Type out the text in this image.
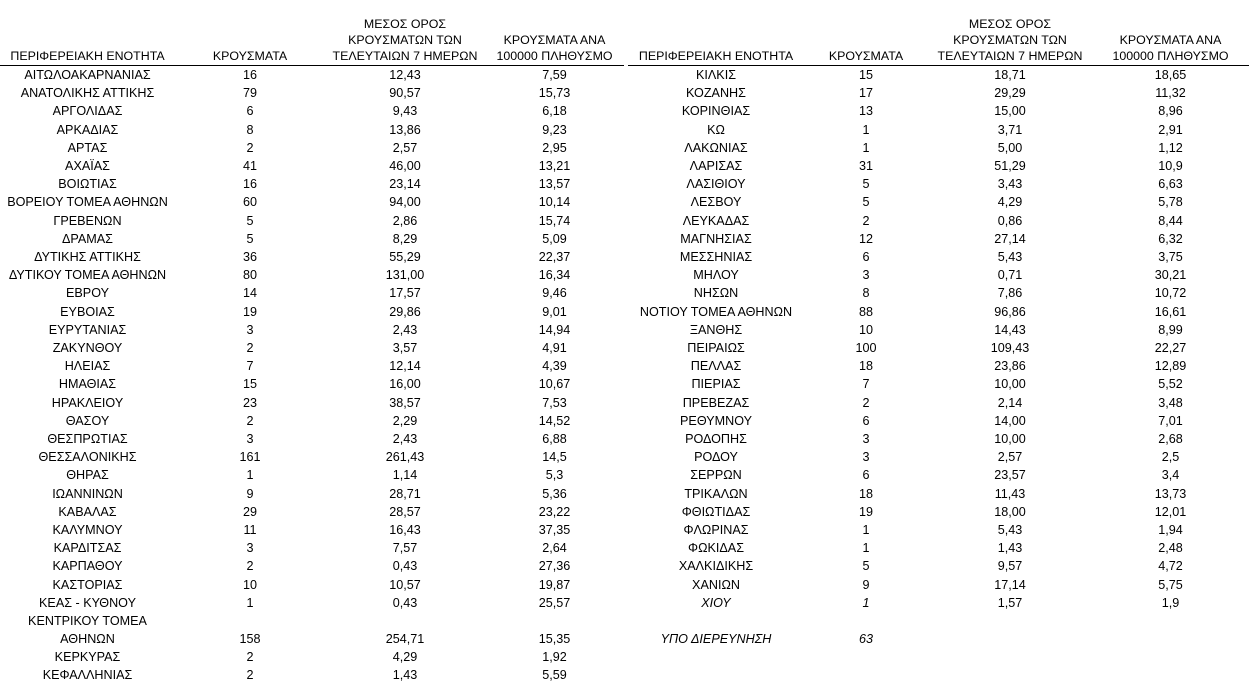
ΠΕΡΙΦΕΡΕΙΑΚΗ ΕΝΟΤΗΤΑ	ΚΡΟΥΣΜΑΤΑ	ΜΕΣΟΣ ΟΡΟΣ
ΚΡΟΥΣΜΑΤΩΝ ΤΩΝ
ΤΕΛΕΥΤΑΙΩΝ 7 ΗΜΕΡΩΝ	ΚΡΟΥΣΜΑΤΑ ΑΝΑ
100000 ΠΛΗΘΥΣΜΟ

ΑΙΤΩΛΟΑΚΑΡΝΑΝΙΑΣ	16	12,43	7,59
ΑΝΑΤΟΛΙΚΗΣ ΑΤΤΙΚΗΣ	79	90,57	15,73
ΑΡΓΟΛΙΔΑΣ	6	9,43	6,18
ΑΡΚΑΔΙΑΣ	8	13,86	9,23
ΑΡΤΑΣ	2	2,57	2,95
ΑΧΑΪΑΣ	41	46,00	13,21
ΒΟΙΩΤΙΑΣ	16	23,14	13,57
ΒΟΡΕΙΟΥ ΤΟΜΕΑ ΑΘΗΝΩΝ	60	94,00	10,14
ΓΡΕΒΕΝΩΝ	5	2,86	15,74
ΔΡΑΜΑΣ	5	8,29	5,09
ΔΥΤΙΚΗΣ ΑΤΤΙΚΗΣ	36	55,29	22,37
ΔΥΤΙΚΟΥ ΤΟΜΕΑ ΑΘΗΝΩΝ	80	131,00	16,34
ΕΒΡΟΥ	14	17,57	9,46
ΕΥΒΟΙΑΣ	19	29,86	9,01
ΕΥΡΥΤΑΝΙΑΣ	3	2,43	14,94
ΖΑΚΥΝΘΟΥ	2	3,57	4,91
ΗΛΕΙΑΣ	7	12,14	4,39
ΗΜΑΘΙΑΣ	15	16,00	10,67
ΗΡΑΚΛΕΙΟΥ	23	38,57	7,53
ΘΑΣΟΥ	2	2,29	14,52
ΘΕΣΠΡΩΤΙΑΣ	3	2,43	6,88
ΘΕΣΣΑΛΟΝΙΚΗΣ	161	261,43	14,5
ΘΗΡΑΣ	1	1,14	5,3
ΙΩΑΝΝΙΝΩΝ	9	28,71	5,36
ΚΑΒΑΛΑΣ	29	28,57	23,22
ΚΑΛΥΜΝΟΥ	11	16,43	37,35
ΚΑΡΔΙΤΣΑΣ	3	7,57	2,64
ΚΑΡΠΑΘΟΥ	2	0,43	27,36
ΚΑΣΤΟΡΙΑΣ	10	10,57	19,87
ΚΕΑΣ - ΚΥΘΝΟΥ	1	0,43	25,57

ΚΕΝΤΡΙΚΟΥ ΤΟΜΕΑ
ΑΘΗΝΩΝ	158	254,71	15,35
ΚΕΡΚΥΡΑΣ	2	4,29	1,92
ΚΕΦΑΛΛΗΝΙΑΣ	2	1,43	5,59
ΠΕΡΙΦΕΡΕΙΑΚΗ ΕΝΟΤΗΤΑ	ΚΡΟΥΣΜΑΤΑ	ΜΕΣΟΣ ΟΡΟΣ
ΚΡΟΥΣΜΑΤΩΝ ΤΩΝ
ΤΕΛΕΥΤΑΙΩΝ 7 ΗΜΕΡΩΝ	ΚΡΟΥΣΜΑΤΑ ΑΝΑ
100000 ΠΛΗΘΥΣΜΟ

ΚΙΛΚΙΣ	15	18,71	18,65
ΚΟΖΑΝΗΣ	17	29,29	11,32
ΚΟΡΙΝΘΙΑΣ	13	15,00	8,96
ΚΩ	1	3,71	2,91
ΛΑΚΩΝΙΑΣ	1	5,00	1,12
ΛΑΡΙΣΑΣ	31	51,29	10,9
ΛΑΣΙΘΙΟΥ	5	3,43	6,63
ΛΕΣΒΟΥ	5	4,29	5,78
ΛΕΥΚΑΔΑΣ	2	0,86	8,44
ΜΑΓΝΗΣΙΑΣ	12	27,14	6,32
ΜΕΣΣΗΝΙΑΣ	6	5,43	3,75
ΜΗΛΟΥ	3	0,71	30,21
ΝΗΣΩΝ	8	7,86	10,72
ΝΟΤΙΟΥ ΤΟΜΕΑ ΑΘΗΝΩΝ	88	96,86	16,61
ΞΑΝΘΗΣ	10	14,43	8,99
ΠΕΙΡΑΙΩΣ	100	109,43	22,27
ΠΕΛΛΑΣ	18	23,86	12,89
ΠΙΕΡΙΑΣ	7	10,00	5,52
ΠΡΕΒΕΖΑΣ	2	2,14	3,48
ΡΕΘΥΜΝΟΥ	6	14,00	7,01
ΡΟΔΟΠΗΣ	3	10,00	2,68
ΡΟΔΟΥ	3	2,57	2,5
ΣΕΡΡΩΝ	6	23,57	3,4
ΤΡΙΚΑΛΩΝ	18	11,43	13,73
ΦΘΙΩΤΙΔΑΣ	19	18,00	12,01
ΦΛΩΡΙΝΑΣ	1	5,43	1,94
ΦΩΚΙΔΑΣ	1	1,43	2,48
ΧΑΛΚΙΔΙΚΗΣ	5	9,57	4,72
ΧΑΝΙΩΝ	9	17,14	5,75
ΧΙΟΥ	1	1,57	1,9
ΥΠΟ ΔΙΕΡΕΥΝΗΣΗ	63		
